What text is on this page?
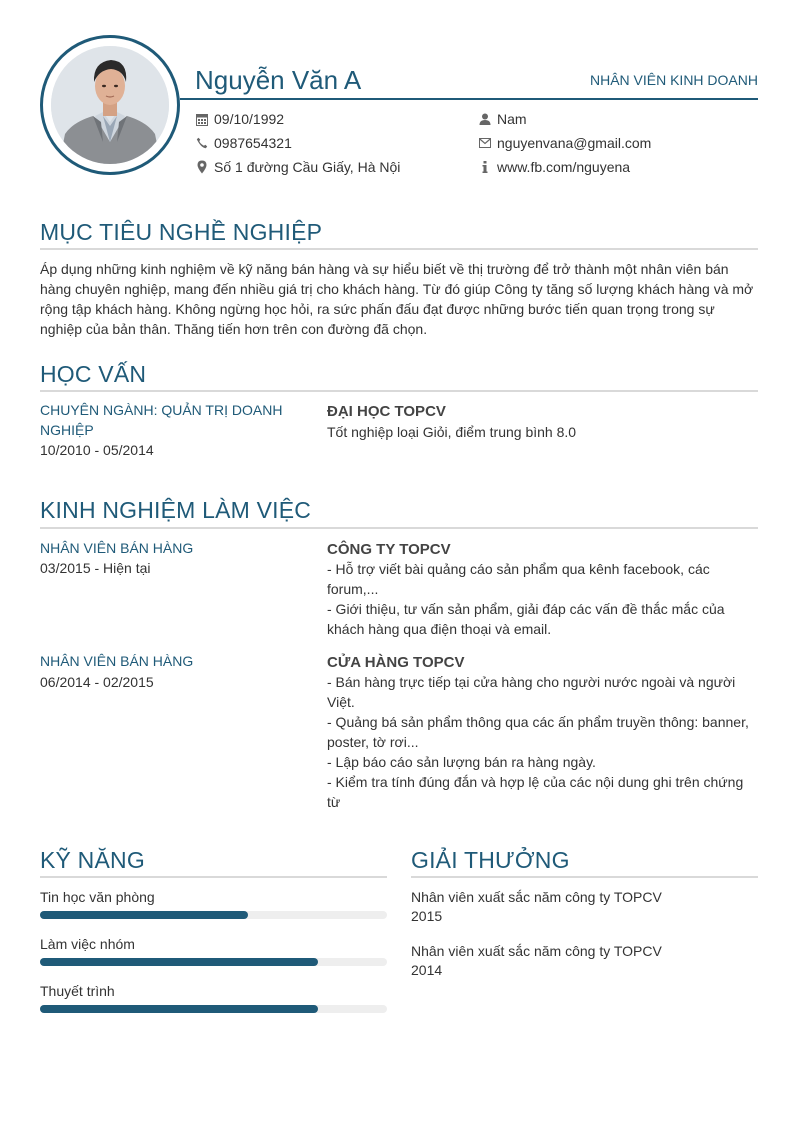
Nguyễn Văn A	NHÂN VIÊN KINH DOANH
09/10/1992
0987654321
Số 1 đường Cầu Giấy, Hà Nội
Nam
nguyenvana@gmail.com
www.fb.com/nguyena
MỤC TIÊU NGHỀ NGHIỆP
Áp dụng những kinh nghiệm về kỹ năng bán hàng và sự hiểu biết về thị trường để trở thành một nhân viên bán hàng chuyên nghiệp, mang đến nhiều giá trị cho khách hàng. Từ đó giúp Công ty tăng số lượng khách hàng và mở rộng tập khách hàng. Không ngừng học hỏi, ra sức phấn đấu đạt được những bước tiến quan trọng trong sự nghiệp của bản thân. Thăng tiến hơn trên con đường đã chọn.
HỌC VẤN
CHUYÊN NGÀNH: QUẢN TRỊ DOANH NGHIỆP
10/2010 - 05/2014
ĐẠI HỌC TOPCV
Tốt nghiệp loại Giỏi, điểm trung bình 8.0
KINH NGHIỆM LÀM VIỆC
NHÂN VIÊN BÁN HÀNG
03/2015 - Hiện tại
CÔNG TY TOPCV
- Hỗ trợ viết bài quảng cáo sản phẩm qua kênh facebook, các forum,...
- Giới thiệu, tư vấn sản phẩm, giải đáp các vấn đề thắc mắc của khách hàng qua điện thoại và email.
NHÂN VIÊN BÁN HÀNG
06/2014 - 02/2015
CỬA HÀNG TOPCV
- Bán hàng trực tiếp tại cửa hàng cho người nước ngoài và người Việt.
- Quảng bá sản phẩm thông qua các ấn phẩm truyền thông: banner, poster, tờ rơi...
- Lập báo cáo sản lượng bán ra hàng ngày.
- Kiểm tra tính đúng đắn và hợp lệ của các nội dung ghi trên chứng từ
KỸ NĂNG
Tin học văn phòng
Làm việc nhóm
Thuyết trình
GIẢI THƯỞNG
Nhân viên xuất sắc năm công ty TOPCV
2015
Nhân viên xuất sắc năm công ty TOPCV
2014
